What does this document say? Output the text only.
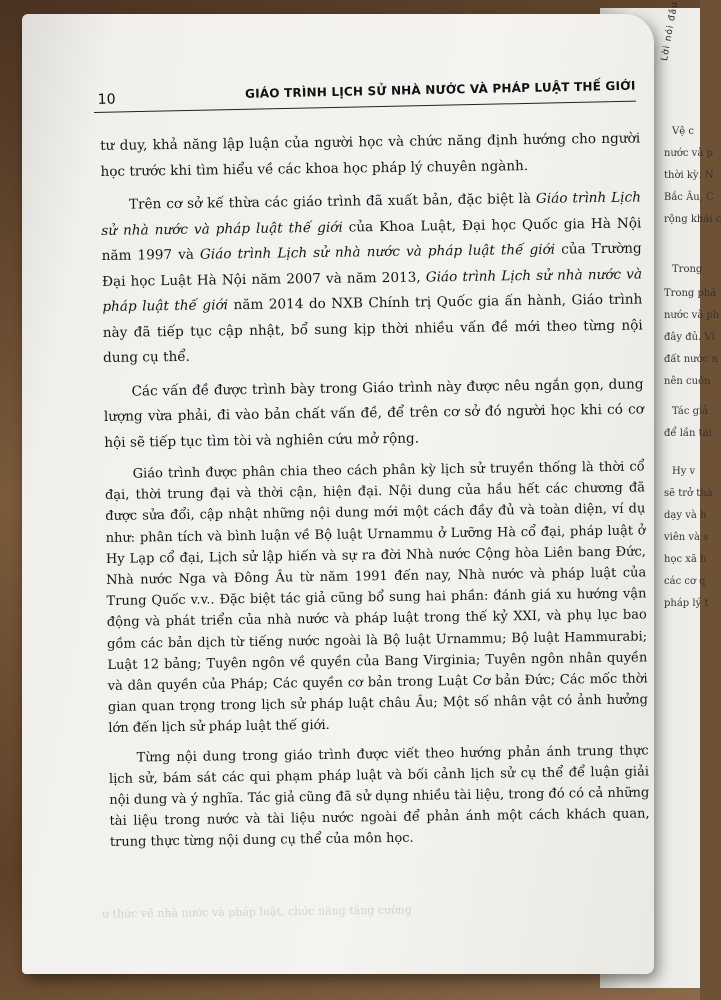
Lời nói đầu
Vệ c
nước và p
thời kỳ. N
Bắc Âu, C
rộng khái c
Trong
Trong phầ
nước và ph
đây đủ. Ví
đất nước n
nên cuốn
Tác giả
để lần tái
Hy v
sẽ trở thà
dạy và h
viên và s
học xã h
các cơ q
pháp lý t
10	GIÁO TRÌNH LỊCH SỬ NHÀ NƯỚC VÀ PHÁP LUẬT THẾ GIỚI

tư duy, khả năng lập luận của người học và chức năng định hướng cho người học trước khi tìm hiểu về các khoa học pháp lý chuyên ngành.

Trên cơ sở kế thừa các giáo trình đã xuất bản, đặc biệt là Giáo trình Lịch sử nhà nước và pháp luật thế giới của Khoa Luật, Đại học Quốc gia Hà Nội năm 1997 và Giáo trình Lịch sử nhà nước và pháp luật thế giới của Trường Đại học Luật Hà Nội năm 2007 và năm 2013, Giáo trình Lịch sử nhà nước và pháp luật thế giới năm 2014 do NXB Chính trị Quốc gia ấn hành, Giáo trình này đã tiếp tục cập nhật, bổ sung kịp thời nhiều vấn đề mới theo từng nội dung cụ thể.

Các vấn đề được trình bày trong Giáo trình này được nêu ngắn gọn, dung lượng vừa phải, đi vào bản chất vấn đề, để trên cơ sở đó người học khi có cơ hội sẽ tiếp tục tìm tòi và nghiên cứu mở rộng.

Giáo trình được phân chia theo cách phân kỳ lịch sử truyền thống là thời cổ đại, thời trung đại và thời cận, hiện đại. Nội dung của hầu hết các chương đã được sửa đổi, cập nhật những nội dung mới một cách đầy đủ và toàn diện, ví dụ như: phân tích và bình luận về Bộ luật Urnammu ở Lưỡng Hà cổ đại, pháp luật ở Hy Lạp cổ đại, Lịch sử lập hiến và sự ra đời Nhà nước Cộng hòa Liên bang Đức, Nhà nước Nga và Đông Âu từ năm 1991 đến nay, Nhà nước và pháp luật của Trung Quốc v.v.. Đặc biệt tác giả cũng bổ sung hai phần: đánh giá xu hướng vận động và phát triển của nhà nước và pháp luật trong thế kỷ XXI, và phụ lục bao gồm các bản dịch từ tiếng nước ngoài là Bộ luật Urnammu; Bộ luật Hammurabi; Luật 12 bảng; Tuyên ngôn về quyền của Bang Virginia; Tuyên ngôn nhân quyền và dân quyền của Pháp; Các quyền cơ bản trong Luật Cơ bản Đức; Các mốc thời gian quan trọng trong lịch sử pháp luật châu Âu; Một số nhân vật có ảnh hưởng lớn đến lịch sử pháp luật thế giới.

Từng nội dung trong giáo trình được viết theo hướng phản ánh trung thực lịch sử, bám sát các qui phạm pháp luật và bối cảnh lịch sử cụ thể để luận giải nội dung và ý nghĩa. Tác giả cũng đã sử dụng nhiều tài liệu, trong đó có cả những tài liệu trong nước và tài liệu nước ngoài để phản ánh một cách khách quan, trung thực từng nội dung cụ thể của môn học.

ư thức về nhà nước và pháp luật, chức năng tăng cường
